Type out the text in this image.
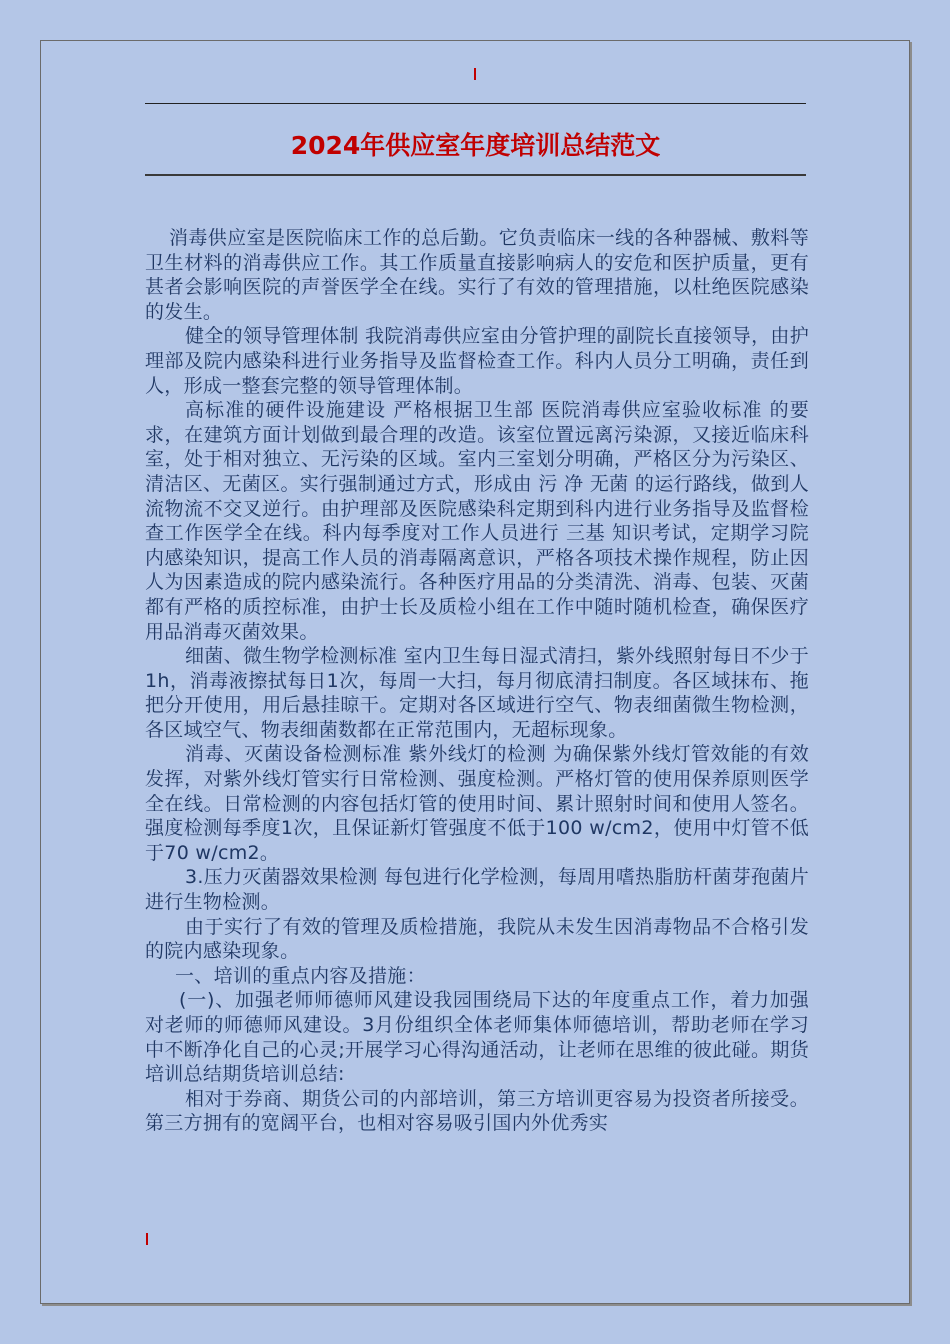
2024年供应室年度培训总结范文

消毒供应室是医院临床工作的总后勤。它负责临床一线的各种器械、敷料等卫生材料的消毒供应工作。其工作质量直接影响病人的安危和医护质量，更有甚者会影响医院的声誉医学全在线。实行了有效的管理措施，以杜绝医院感染的发生。

健全的领导管理体制 我院消毒供应室由分管护理的副院长直接领导，由护理部及院内感染科进行业务指导及监督检查工作。科内人员分工明确，责任到人，形成一整套完整的领导管理体制。

高标准的硬件设施建设 严格根据卫生部 医院消毒供应室验收标准 的要求，在建筑方面计划做到最合理的改造。该室位置远离污染源，又接近临床科室，处于相对独立、无污染的区域。室内三室划分明确，严格区分为污染区、清洁区、无菌区。实行强制通过方式，形成由 污 净 无菌 的运行路线，做到人流物流不交叉逆行。由护理部及医院感染科定期到科内进行业务指导及监督检查工作医学全在线。科内每季度对工作人员进行 三基 知识考试，定期学习院内感染知识，提高工作人员的消毒隔离意识，严格各项技术操作规程，防止因人为因素造成的院内感染流行。各种医疗用品的分类清洗、消毒、包装、灭菌都有严格的质控标准，由护士长及质检小组在工作中随时随机检查，确保医疗用品消毒灭菌效果。

细菌、微生物学检测标准 室内卫生每日湿式清扫，紫外线照射每日不少于1h，消毒液擦拭每日1次，每周一大扫，每月彻底清扫制度。各区域抹布、拖把分开使用，用后悬挂晾干。定期对各区域进行空气、物表细菌微生物检测，各区域空气、物表细菌数都在正常范围内，无超标现象。

消毒、灭菌设备检测标准 紫外线灯的检测 为确保紫外线灯管效能的有效发挥，对紫外线灯管实行日常检测、强度检测。严格灯管的使用保养原则医学全在线。日常检测的内容包括灯管的使用时间、累计照射时间和使用人签名。强度检测每季度1次，且保证新灯管强度不低于100 w/cm2，使用中灯管不低于70 w/cm2。

3.压力灭菌器效果检测 每包进行化学检测，每周用嗜热脂肪杆菌芽孢菌片进行生物检测。

由于实行了有效的管理及质检措施，我院从未发生因消毒物品不合格引发的院内感染现象。

一、培训的重点内容及措施：

(一)、加强老师师德师风建设我园围绕局下达的年度重点工作，着力加强对老师的师德师风建设。3月份组织全体老师集体师德培训，帮助老师在学习中不断净化自己的心灵;开展学习心得沟通活动，让老师在思维的彼此碰。期货培训总结期货培训总结:

相对于券商、期货公司的内部培训，第三方培训更容易为投资者所接受。第三方拥有的宽阔平台，也相对容易吸引国内外优秀实
